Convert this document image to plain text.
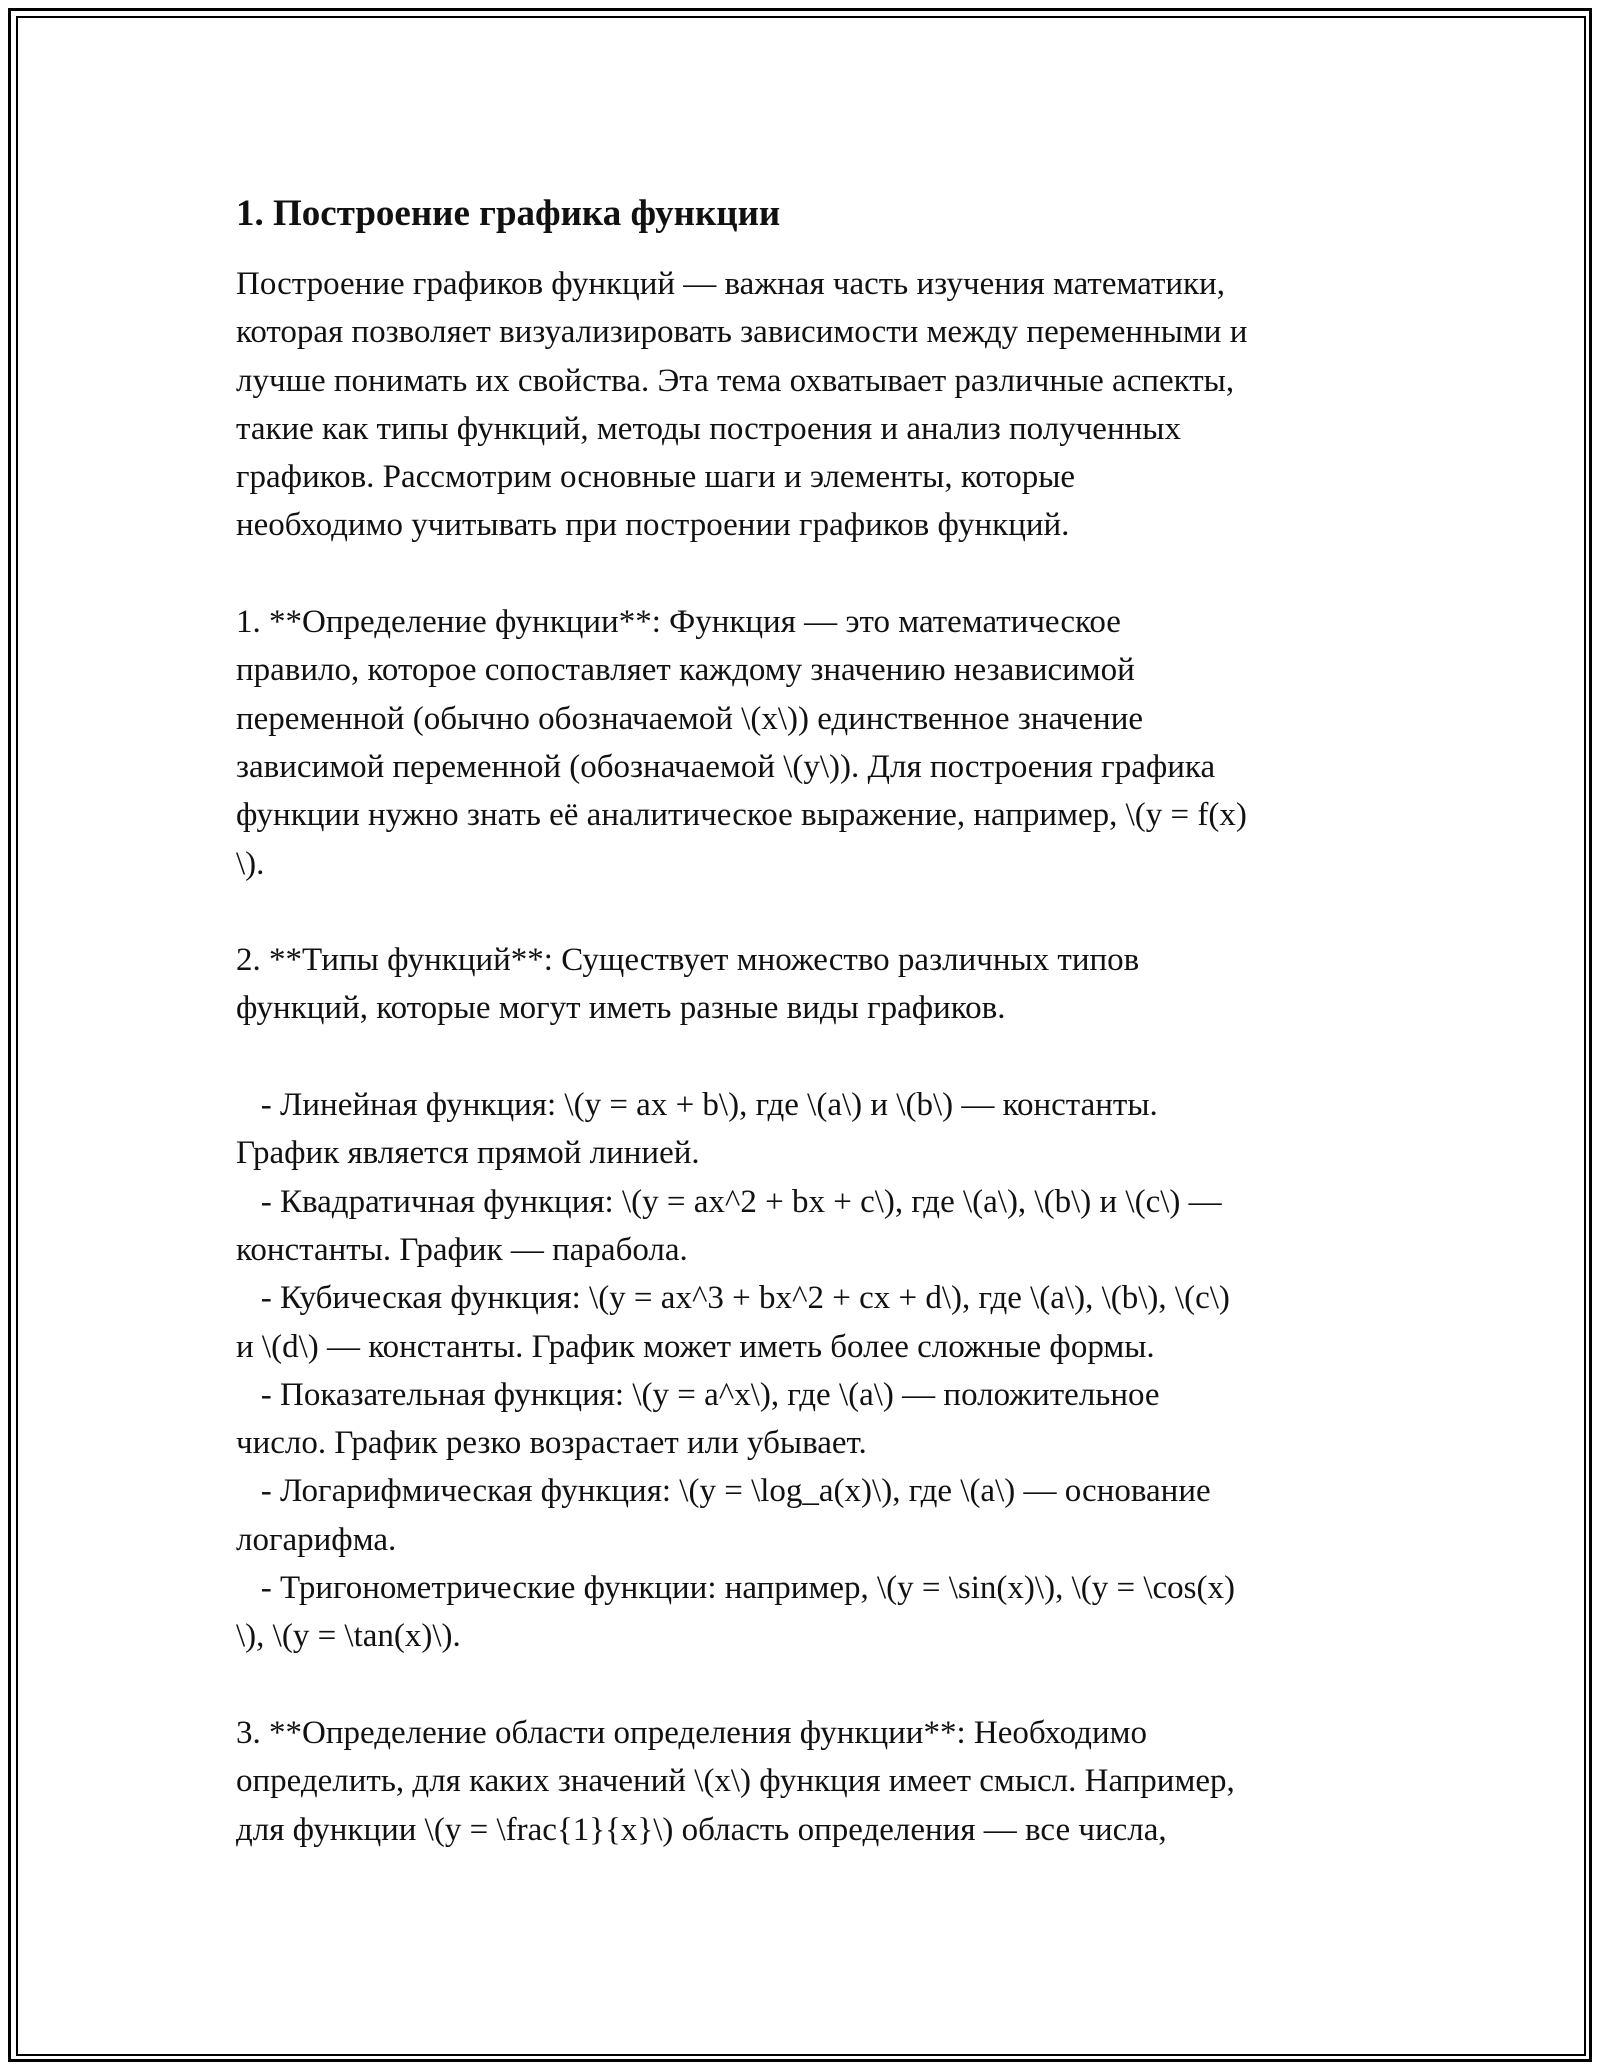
1. Построение графика функции

Построение графиков функций — важная часть изучения математики,
которая позволяет визуализировать зависимости между переменными и
лучше понимать их свойства. Эта тема охватывает различные аспекты,
такие как типы функций, методы построения и анализ полученных
графиков. Рассмотрим основные шаги и элементы, которые
необходимо учитывать при построении графиков функций.

1. **Определение функции**: Функция — это математическое
правило, которое сопоставляет каждому значению независимой
переменной (обычно обозначаемой \(x\)) единственное значение
зависимой переменной (обозначаемой \(y\)). Для построения графика
функции нужно знать её аналитическое выражение, например, \(y = f(x)
\).

2. **Типы функций**: Существует множество различных типов
функций, которые могут иметь разные виды графиков.

- Линейная функция: \(y = ax + b\), где \(a\) и \(b\) — константы.
График является прямой линией.

- Квадратичная функция: \(y = ax^2 + bx + c\), где \(a\), \(b\) и \(c\) —
константы. График — парабола.

- Кубическая функция: \(y = ax^3 + bx^2 + cx + d\), где \(a\), \(b\), \(c\)
и \(d\) — константы. График может иметь более сложные формы.

- Показательная функция: \(y = a^x\), где \(a\) — положительное
число. График резко возрастает или убывает.

- Логарифмическая функция: \(y = \log_a(x)\), где \(a\) — основание
логарифма.

- Тригонометрические функции: например, \(y = \sin(x)\), \(y = \cos(x)
\), \(y = \tan(x)\).

3. **Определение области определения функции**: Необходимо
определить, для каких значений \(x\) функция имеет смысл. Например,
для функции \(y = \frac{1}{x}\) область определения — все числа,
